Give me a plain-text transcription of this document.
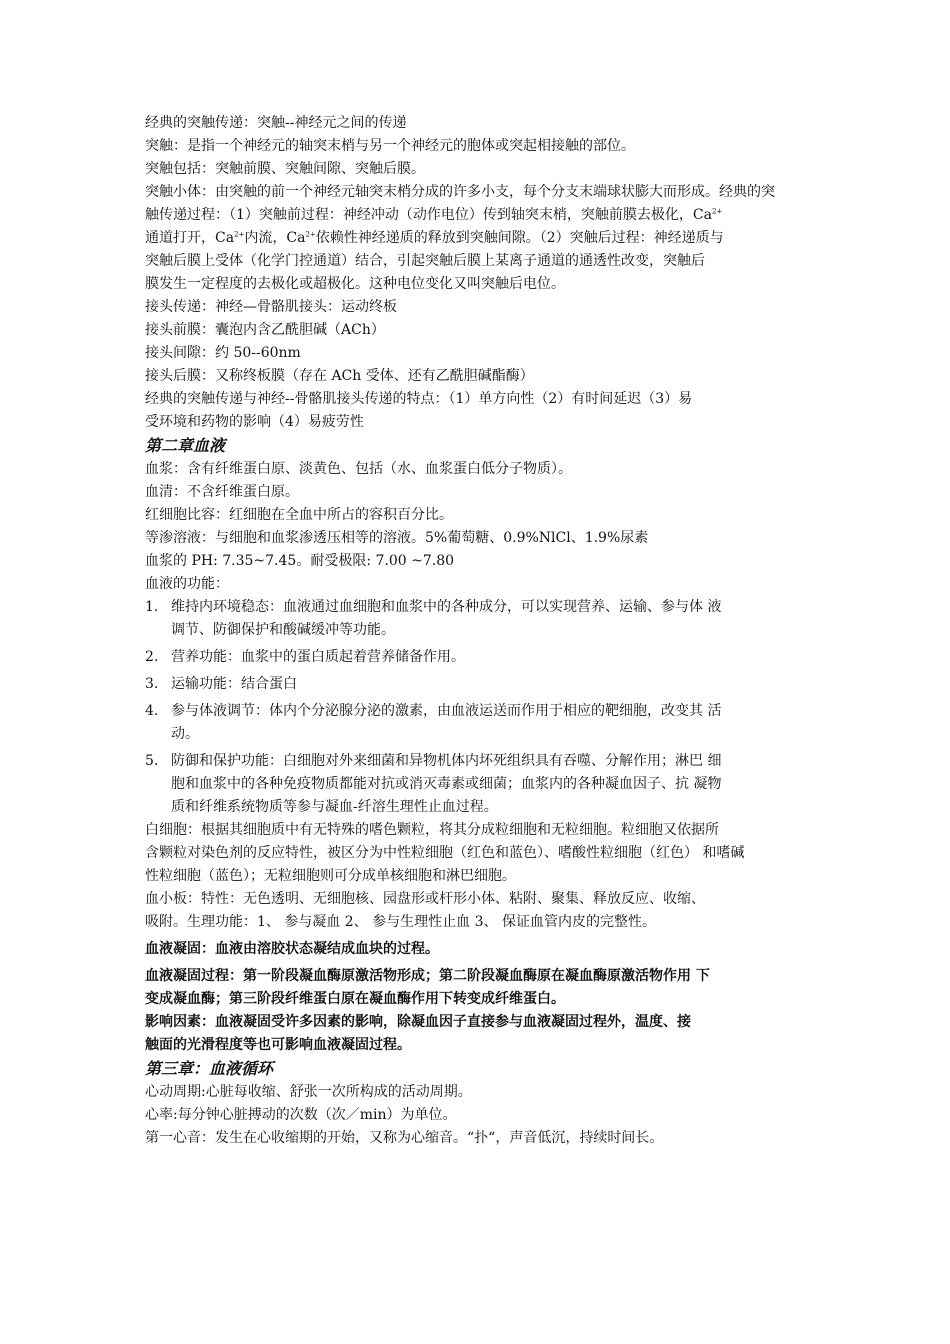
经典的突触传递：突触--神经元之间的传递
突触：是指一个神经元的轴突末梢与另一个神经元的胞体或突起相接触的部位。
突触包括：突触前膜、突触间隙、突触后膜。
突触小体：由突触的前一个神经元轴突末梢分成的许多小支，每个分支末端球状膨大而形成。经典的突
触传递过程：（1）突触前过程：神经冲动（动作电位）传到轴突末梢，突触前膜去极化，$Ca^{2+}$
通道打开，$Ca^{2+}$内流，$Ca^{2+}$依赖性神经递质的释放到突触间隙。（2）突触后过程：神经递质与
突触后膜上受体（化学门控通道）结合，引起突触后膜上某离子通道的通透性改变，突触后
膜发生一定程度的去极化或超极化。这种电位变化又叫突触后电位。
接头传递：神经—骨骼肌接头：运动终板
接头前膜：囊泡内含乙酰胆碱（ACh）
接头间隙：约 50--60nm
接头后膜：又称终板膜（存在 ACh 受体、还有乙酰胆碱酯酶）
经典的突触传递与神经--骨骼肌接头传递的特点：（1）单方向性（2）有时间延迟（3）易
受环境和药物的影响（4）易疲劳性
第二章血液
血浆：含有纤维蛋白原、淡黄色、包括（水、血浆蛋白低分子物质）。
血清：不含纤维蛋白原。
红细胞比容：红细胞在全血中所占的容积百分比。
等渗溶液：与细胞和血浆渗透压相等的溶液。5%葡萄糖、0.9%NlCl、1.9%尿素
血浆的 PH: 7.35~7.45。耐受极限: 7.00 ~7.80
血液的功能：
1. 维持内环境稳态：血液通过血细胞和血浆中的各种成分，可以实现营养、运输、参与体 液
调节、防御保护和酸碱缓冲等功能。
2. 营养功能：血浆中的蛋白质起着营养储备作用。
3. 运输功能：结合蛋白
4. 参与体液调节：体内个分泌腺分泌的激素，由血液运送而作用于相应的靶细胞，改变其 活
动。
5. 防御和保护功能：白细胞对外来细菌和异物机体内坏死组织具有吞噬、分解作用；淋巴 细
胞和血浆中的各种免疫物质都能对抗或消灭毒素或细菌；血浆内的各种凝血因子、抗 凝物
质和纤维系统物质等参与凝血-纤溶生理性止血过程。
白细胞：根据其细胞质中有无特殊的嗜色颗粒，将其分成粒细胞和无粒细胞。粒细胞又依据所
含颗粒对染色剂的反应特性，被区分为中性粒细胞（红色和蓝色）、嗜酸性粒细胞（红色） 和嗜碱
性粒细胞（蓝色）；无粒细胞则可分成单核细胞和淋巴细胞。
血小板：特性：无色透明、无细胞核、园盘形或杆形小体、粘附、聚集、释放反应、收缩、
吸附。生理功能：1、 参与凝血 2、 参与生理性止血 3、 保证血管内皮的完整性。
血液凝固：血液由溶胶状态凝结成血块的过程。
血液凝固过程：第一阶段凝血酶原激活物形成；第二阶段凝血酶原在凝血酶原激活物作用 下
变成凝血酶；第三阶段纤维蛋白原在凝血酶作用下转变成纤维蛋白。
影响因素：血液凝固受许多因素的影响，除凝血因子直接参与血液凝固过程外，温度、接
触面的光滑程度等也可影响血液凝固过程。
第三章：血液循环
心动周期:心脏每收缩、舒张一次所构成的活动周期。
心率:每分钟心脏搏动的次数（次／min）为单位。
第一心音：发生在心收缩期的开始，又称为心缩音。“扑“，声音低沉，持续时间长。
